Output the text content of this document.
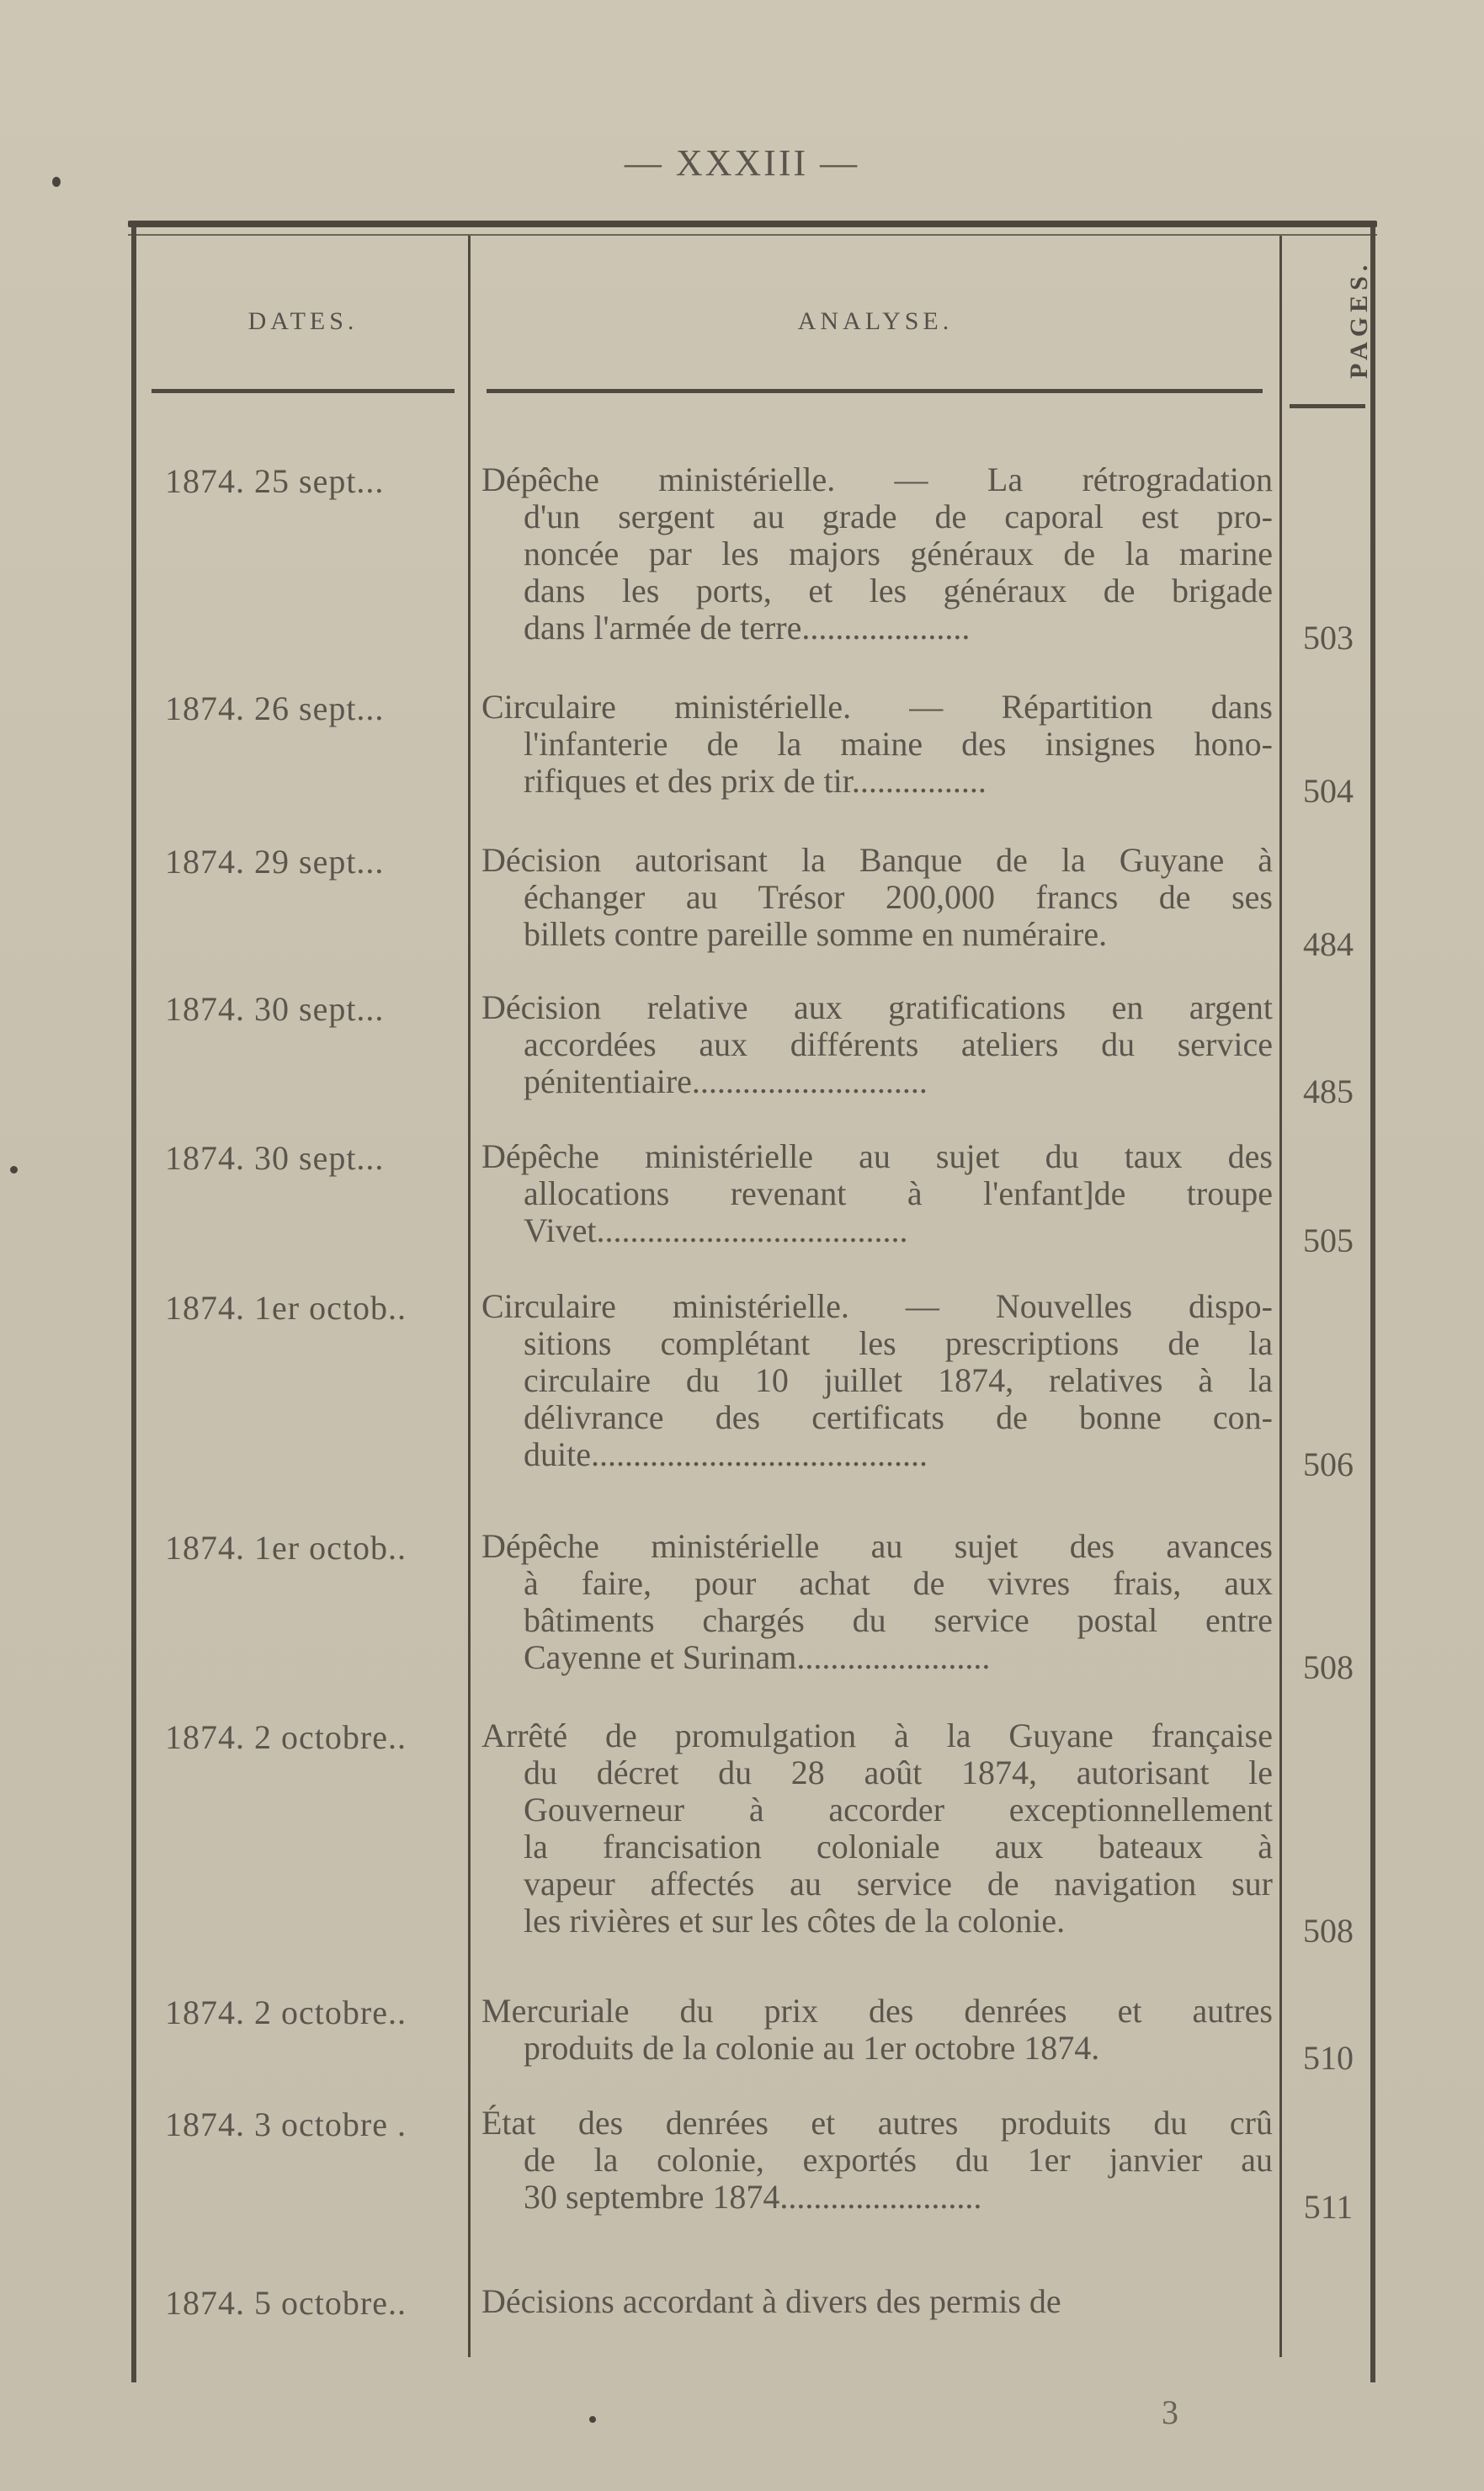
— XXXIII —
DATES.	ANALYSE.	PAGES.
1874. 25 sept...	Dépêche ministérielle. — La rétrogradation
d'un sergent au grade de caporal est pro-
noncée par les majors généraux de la marine
dans les ports, et les généraux de brigade
dans l'armée de terre....................	503
1874. 26 sept...	Circulaire ministérielle. — Répartition dans
l'infanterie de la maine des insignes hono-
rifiques et des prix de tir................	504
1874. 29 sept...	Décision autorisant la Banque de la Guyane à
échanger au Trésor 200,000 francs de ses
billets contre pareille somme en numéraire.	484
1874. 30 sept...	Décision relative aux gratifications en argent
accordées aux différents ateliers du service
pénitentiaire............................	485
1874. 30 sept...	Dépêche ministérielle au sujet du taux des
allocations revenant à l'enfant]de troupe
Vivet.....................................	505
1874. 1er octob.. Circulaire ministérielle. — Nouvelles dispo-
sitions complétant les prescriptions de la
circulaire du 10 juillet 1874, relatives à la
délivrance des certificats de bonne con-
duite........................................	506
1874. 1er octob.. Dépêche ministérielle au sujet des avances
à faire, pour achat de vivres frais, aux
bâtiments chargés du service postal entre
Cayenne et Surinam.......................	508
1874. 2 octobre.. Arrêté de promulgation à la Guyane française
du décret du 28 août 1874, autorisant le
Gouverneur à accorder exceptionnellement
la francisation coloniale aux bateaux à
vapeur affectés au service de navigation sur
les rivières et sur les côtes de la colonie.	508
1874. 2 octobre.. Mercuriale du prix des denrées et autres
produits de la colonie au 1er octobre 1874.	510
1874. 3 octobre . État des denrées et autres produits du crû
de la colonie, exportés du 1er janvier au
30 septembre 1874........................	511
1874. 5 octobre.. Décisions accordant à divers des permis de
3
